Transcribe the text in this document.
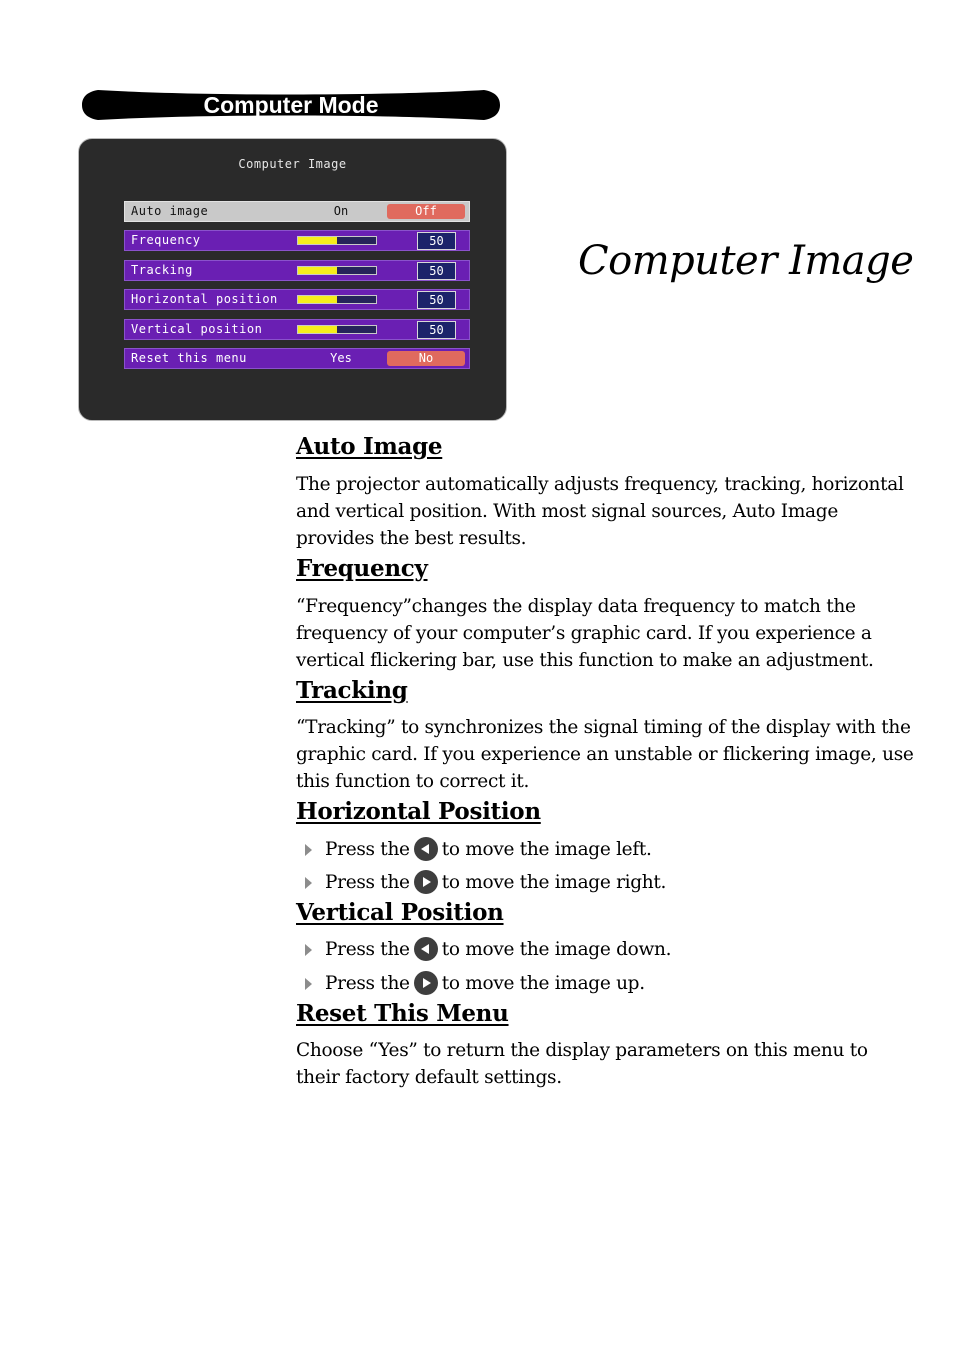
Computer Mode
Computer Image
Auto image	On	Off
Frequency	50
Tracking	50
Horizontal position	50
Vertical position	50
Reset this menu	Yes	No
Computer Image
Auto Image
The projector automatically adjusts frequency, tracking, horizontal
and vertical position. With most signal sources, Auto Image
provides the best results.
Frequency
“Frequency”changes the display data frequency to match the
frequency of your computer’s graphic card. If you experience a
vertical flickering bar, use this function to make an adjustment.
Tracking
“Tracking” to synchronizes the signal timing of the display with the
graphic card. If you experience an unstable or flickering image, use
this function to correct it.
Horizontal Position
Press the to move the image left.
Press the to move the image right.
Vertical Position
Press the to move the image down.
Press the to move the image up.
Reset This Menu
Choose “Yes” to return the display parameters on this menu to
their factory default settings.
